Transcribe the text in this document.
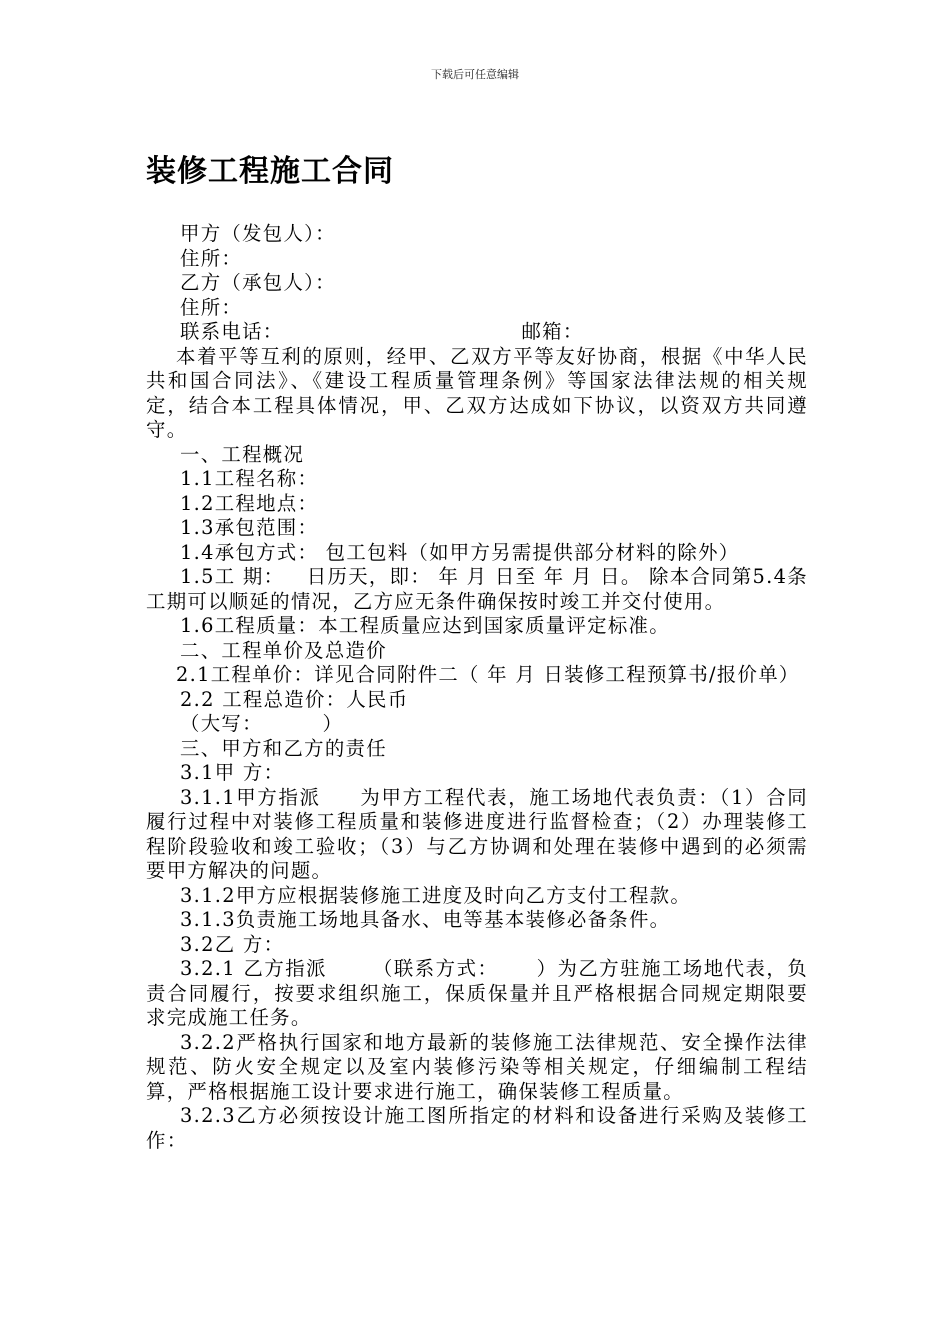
下载后可任意编辑
装修工程施工合同

甲方（发包人）：

住所：

乙方（承包人）：

住所：

联系电话：	邮箱：

本着平等互利的原则，经甲、乙双方平等友好协商，根据《中华人民共和国合同法》、《建设工程质量管理条例》等国家法律法规的相关规定，结合本工程具体情况，甲、乙双方达成如下协议，以资双方共同遵守。

一、工程概况

1.1工程名称：

1.2工程地点：

1.3承包范围：

1.4承包方式： 包工包料（如甲方另需提供部分材料的除外）

1.5工 期：   日历天，即： 年 月 日至 年 月 日。 除本合同第5.4条工期可以顺延的情况，乙方应无条件确保按时竣工并交付使用。

1.6工程质量：本工程质量应达到国家质量评定标准。

二、工程单价及总造价

2.1工程单价：详见合同附件二（ 年 月 日装修工程预算书/报价单）

2.2 工程总造价：人民币

（大写：        ）

三、甲方和乙方的责任

3.1甲 方：

3.1.1甲方指派     为甲方工程代表，施工场地代表负责：（1）合同履行过程中对装修工程质量和装修进度进行监督检查；（2）办理装修工程阶段验收和竣工验收；（3）与乙方协调和处理在装修中遇到的必须需要甲方解决的问题。

3.1.2甲方应根据装修施工进度及时向乙方支付工程款。

3.1.3负责施工场地具备水、电等基本装修必备条件。

3.2乙 方：

3.2.1 乙方指派      （联系方式：     ）为乙方驻施工场地代表，负责合同履行，按要求组织施工，保质保量并且严格根据合同规定期限要求完成施工任务。

3.2.2严格执行国家和地方最新的装修施工法律规范、安全操作法律规范、防火安全规定以及室内装修污染等相关规定，仔细编制工程结算，严格根据施工设计要求进行施工，确保装修工程质量。

3.2.3乙方必须按设计施工图所指定的材料和设备进行采购及装修工作：
